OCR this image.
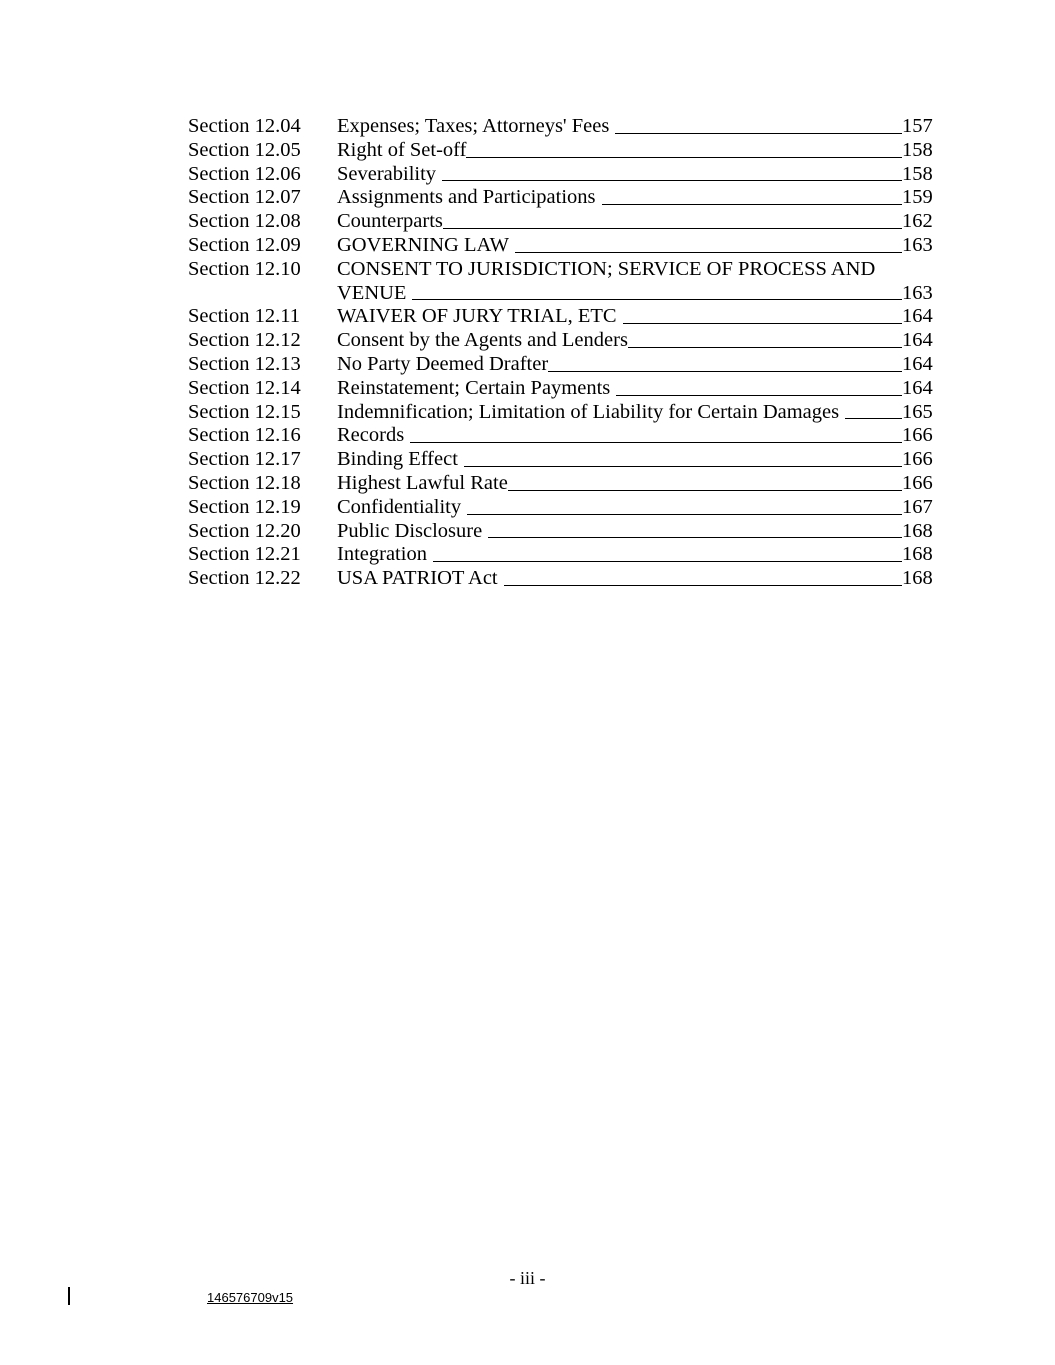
Section 12.04	Expenses; Taxes; Attorneys' Fees	157
Section 12.05	Right of Set-off	158
Section 12.06	Severability	158
Section 12.07	Assignments and Participations	159
Section 12.08	Counterparts	162
Section 12.09	GOVERNING LAW	163
Section 12.10	CONSENT TO JURISDICTION; SERVICE OF PROCESS AND
VENUE	163
Section 12.11	WAIVER OF JURY TRIAL, ETC	164
Section 12.12	Consent by the Agents and Lenders	164
Section 12.13	No Party Deemed Drafter	164
Section 12.14	Reinstatement; Certain Payments	164
Section 12.15	Indemnification; Limitation of Liability for Certain Damages	165
Section 12.16	Records	166
Section 12.17	Binding Effect	166
Section 12.18	Highest Lawful Rate	166
Section 12.19	Confidentiality	167
Section 12.20	Public Disclosure	168
Section 12.21	Integration	168
Section 12.22	USA PATRIOT Act	168
- iii -
146576709v15
